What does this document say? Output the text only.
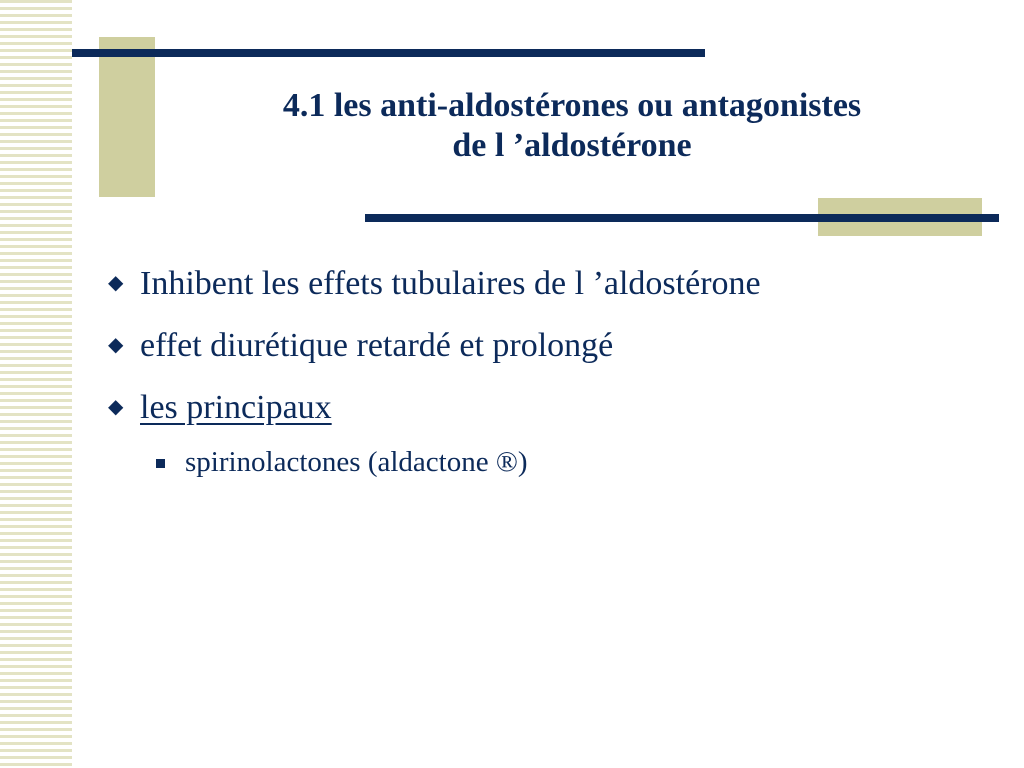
4.1 les anti-aldostérones ou antagonistes
de l ’aldostérone
◆ Inhibent les effets tubulaires de l ’aldostérone
◆ effet diurétique retardé et prolongé
◆ les principaux
spirinolactones (aldactone ®)
